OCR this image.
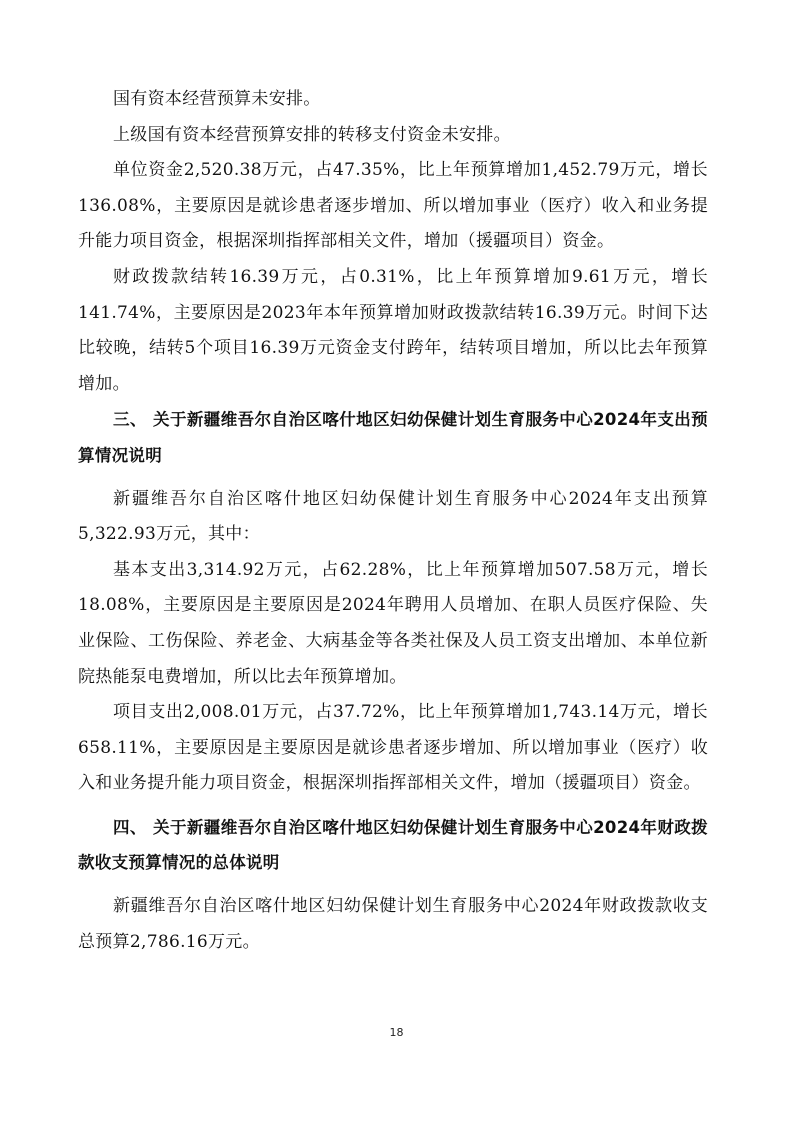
国有资本经营预算未安排。

上级国有资本经营预算安排的转移支付资金未安排。

单位资金2,520.38万元，占47.35%，比上年预算增加1,452.79万元，增长136.08%，主要原因是就诊患者逐步增加、所以增加事业（医疗）收入和业务提升能力项目资金，根据深圳指挥部相关文件，增加（援疆项目）资金。

财政拨款结转16.39万元，占0.31%，比上年预算增加9.61万元，增长141.74%，主要原因是2023年本年预算增加财政拨款结转16.39万元。时间下达比较晚，结转5个项目16.39万元资金支付跨年，结转项目增加，所以比去年预算增加。

三、 关于新疆维吾尔自治区喀什地区妇幼保健计划生育服务中心2024年支出预算情况说明

新疆维吾尔自治区喀什地区妇幼保健计划生育服务中心2024年支出预算5,322.93万元，其中：

基本支出3,314.92万元，占62.28%，比上年预算增加507.58万元，增长18.08%，主要原因是主要原因是2024年聘用人员增加、在职人员医疗保险、失业保险、工伤保险、养老金、大病基金等各类社保及人员工资支出增加、本单位新院热能泵电费增加，所以比去年预算增加。

项目支出2,008.01万元，占37.72%，比上年预算增加1,743.14万元，增长658.11%，主要原因是主要原因是就诊患者逐步增加、所以增加事业（医疗）收入和业务提升能力项目资金，根据深圳指挥部相关文件，增加（援疆项目）资金。

四、 关于新疆维吾尔自治区喀什地区妇幼保健计划生育服务中心2024年财政拨款收支预算情况的总体说明

新疆维吾尔自治区喀什地区妇幼保健计划生育服务中心2024年财政拨款收支总预算2,786.16万元。

18
